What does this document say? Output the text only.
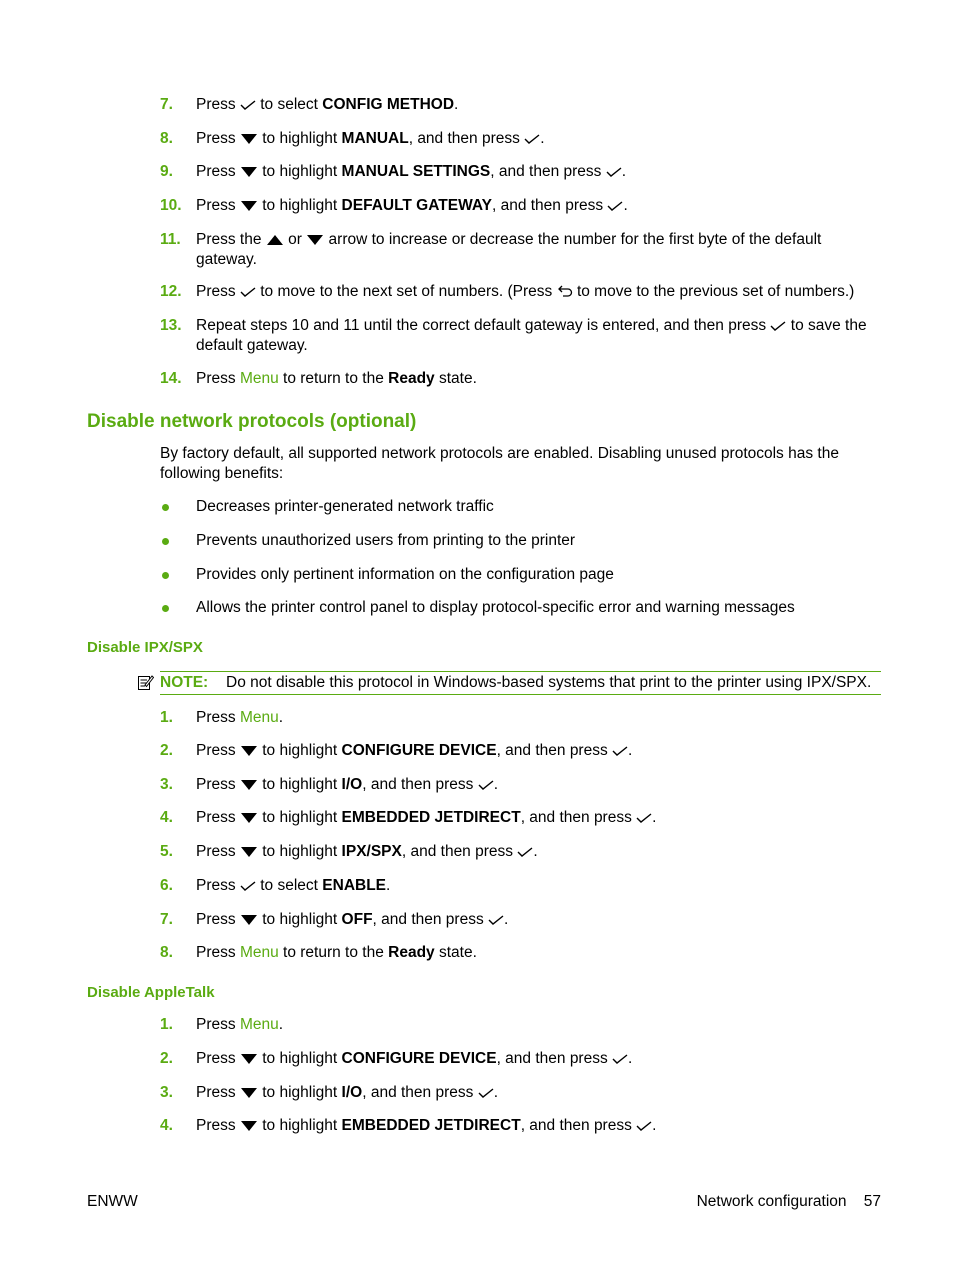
7. Press to select CONFIG METHOD.
8. Press to highlight MANUAL, and then press .
9. Press to highlight MANUAL SETTINGS, and then press .
10. Press to highlight DEFAULT GATEWAY, and then press .
11. Press the or arrow to increase or decrease the number for the first byte of the default gateway.
12. Press to move to the next set of numbers. (Press to move to the previous set of numbers.)
13. Repeat steps 10 and 11 until the correct default gateway is entered, and then press to save the default gateway.
14. Press Menu to return to the Ready state.
Disable network protocols (optional)
By factory default, all supported network protocols are enabled. Disabling unused protocols has the following benefits:
Decreases printer-generated network traffic
Prevents unauthorized users from printing to the printer
Provides only pertinent information on the configuration page
Allows the printer control panel to display protocol-specific error and warning messages
Disable IPX/SPX
NOTE: Do not disable this protocol in Windows-based systems that print to the printer using IPX/SPX.
1. Press Menu.
2. Press to highlight CONFIGURE DEVICE, and then press .
3. Press to highlight I/O, and then press .
4. Press to highlight EMBEDDED JETDIRECT, and then press .
5. Press to highlight IPX/SPX, and then press .
6. Press to select ENABLE.
7. Press to highlight OFF, and then press .
8. Press Menu to return to the Ready state.
Disable AppleTalk
1. Press Menu.
2. Press to highlight CONFIGURE DEVICE, and then press .
3. Press to highlight I/O, and then press .
4. Press to highlight EMBEDDED JETDIRECT, and then press .
ENWW	Network configuration 57
